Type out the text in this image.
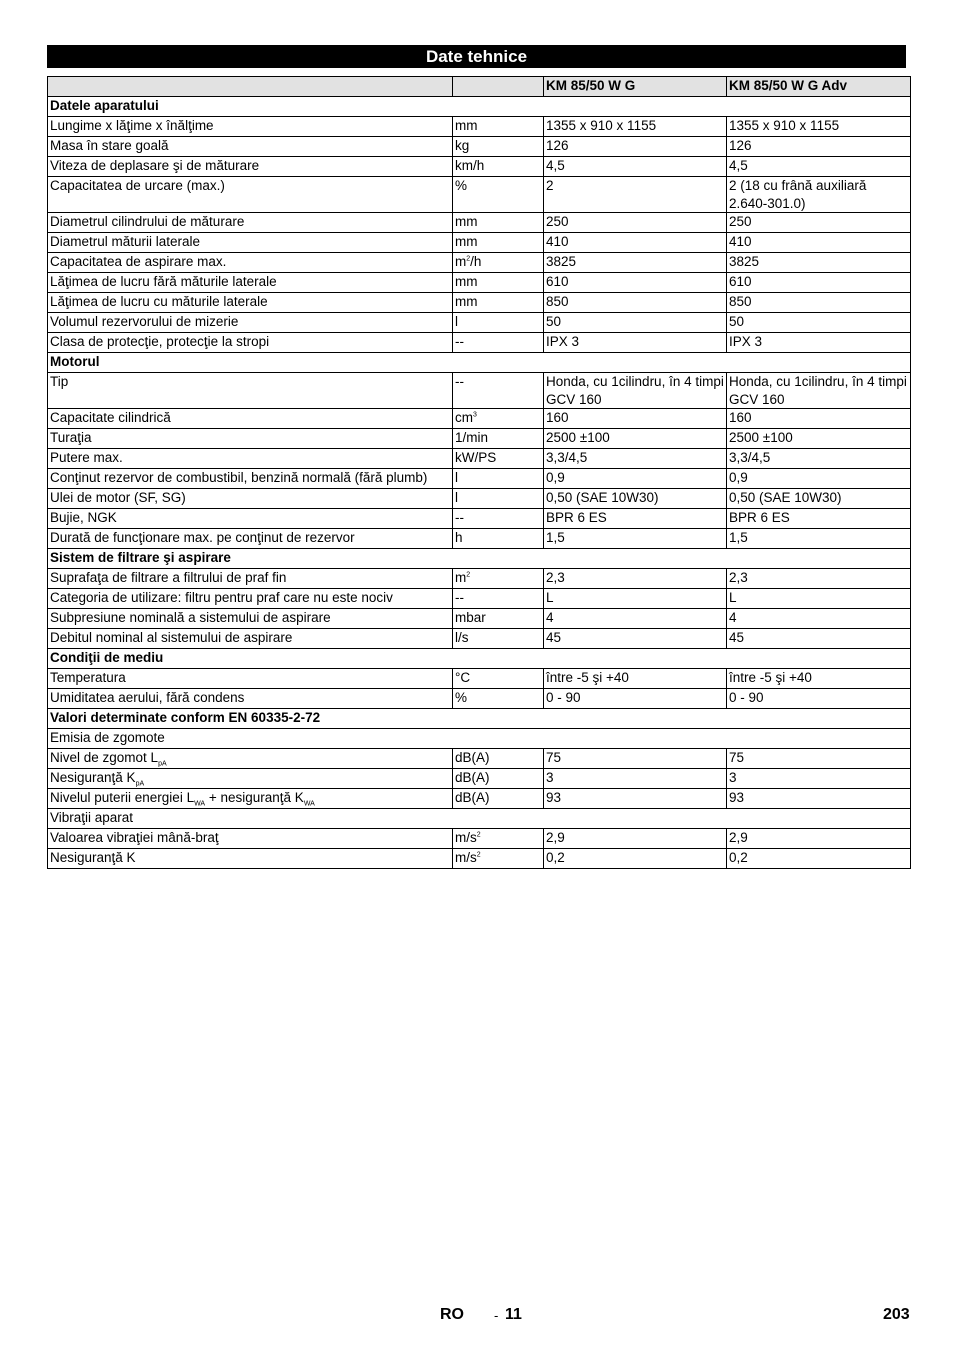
Date tehnice
		KM 85/50 W G	KM 85/50 W G Adv
Datele aparatului			
Lungime x lăţime x înălţime	mm	1355 x 910 x 1155	1355 x 910 x 1155
Masa în stare goală	kg	126	126
Viteza de deplasare şi de măturare	km/h	4,5	4,5
Capacitatea de urcare (max.)	%	2	2 (18 cu frână auxiliară 2.640-301.0)
Diametrul cilindrului de măturare	mm	250	250
Diametrul măturii laterale	mm	410	410
Capacitatea de aspirare max.	$m^2/h$	3825	3825
Lăţimea de lucru fără măturile laterale	mm	610	610
Lăţimea de lucru cu măturile laterale	mm	850	850
Volumul rezervorului de mizerie	l	50	50
Clasa de protecţie, protecţie la stropi	--	IPX 3	IPX 3
Motorul			
Tip	--	Honda, cu 1cilindru, în 4 timpi GCV 160	Honda, cu 1cilindru, în 4 timpi GCV 160
Capacitate cilindrică	$cm^3$	160	160
Turaţia	1/min	2500 ±100	2500 ±100
Putere max.	kW/PS	3,3/4,5	3,3/4,5
Conţinut rezervor de combustibil, benzină normală (fără plumb)	l	0,9	0,9
Ulei de motor (SF, SG)	l	0,50 (SAE 10W30)	0,50 (SAE 10W30)
Bujie, NGK	--	BPR 6 ES	BPR 6 ES
Durată de funcţionare max. pe conţinut de rezervor	h	1,5	1,5
Sistem de filtrare şi aspirare			
Suprafaţa de filtrare a filtrului de praf fin	$m^2$	2,3	2,3
Categoria de utilizare: filtru pentru praf care nu este nociv	--	L	L
Subpresiune nominală a sistemului de aspirare	mbar	4	4
Debitul nominal al sistemului de aspirare	l/s	45	45
Condiţii de mediu			
Temperatura	°C	între -5 şi +40	între -5 şi +40
Umiditatea aerului, fără condens	%	0 - 90	0 - 90
Valori determinate conform EN 60335-2-72			
Emisia de zgomote			
Nivel de zgomot $L_{pA}$	dB(A)	75	75
Nesiguranţă $K_{pA}$	dB(A)	3	3
Nivelul puterii energiei $L_{WA}$ + nesiguranţă $K_{WA}$	dB(A)	93	93
Vibraţii aparat			
Valoarea vibraţiei mână-braţ	$m/s^2$	2,9	2,9
Nesiguranţă K	$m/s^2$	0,2	0,2
RO - 11	203
